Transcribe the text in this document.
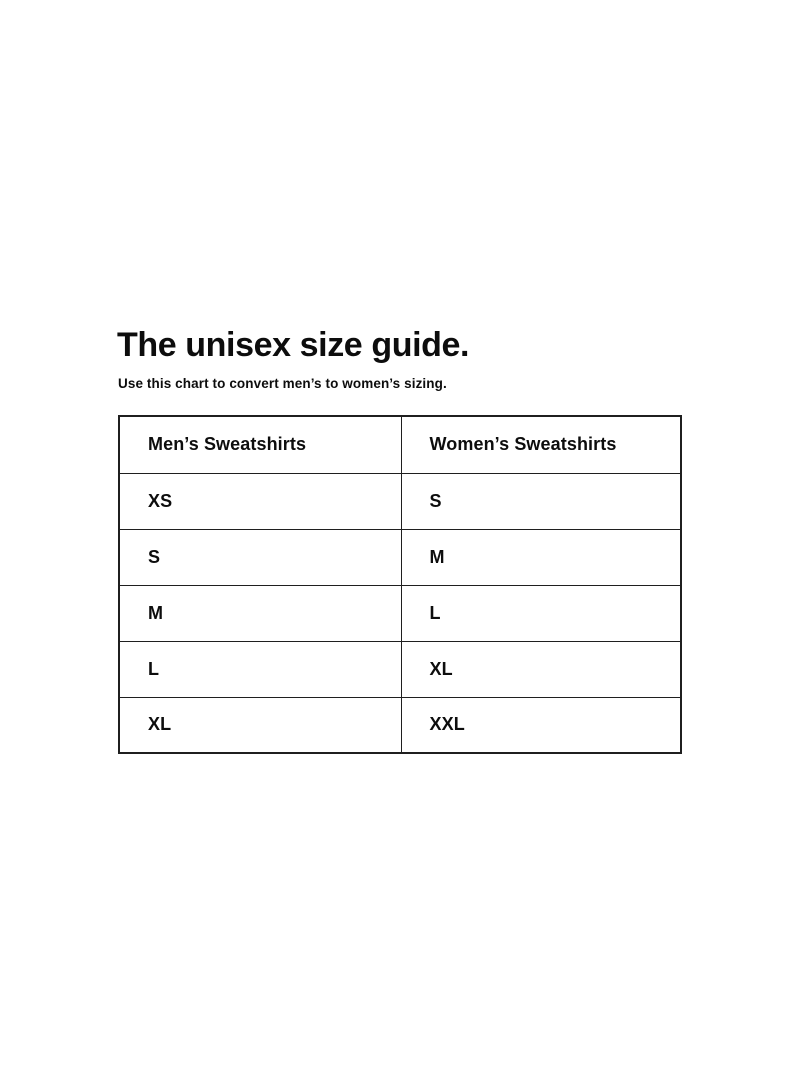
The unisex size guide.

Use this chart to convert men’s to women’s sizing.

Men’s Sweatshirts	Women’s Sweatshirts
XS	S
S	M
M	L
L	XL
XL	XXL
